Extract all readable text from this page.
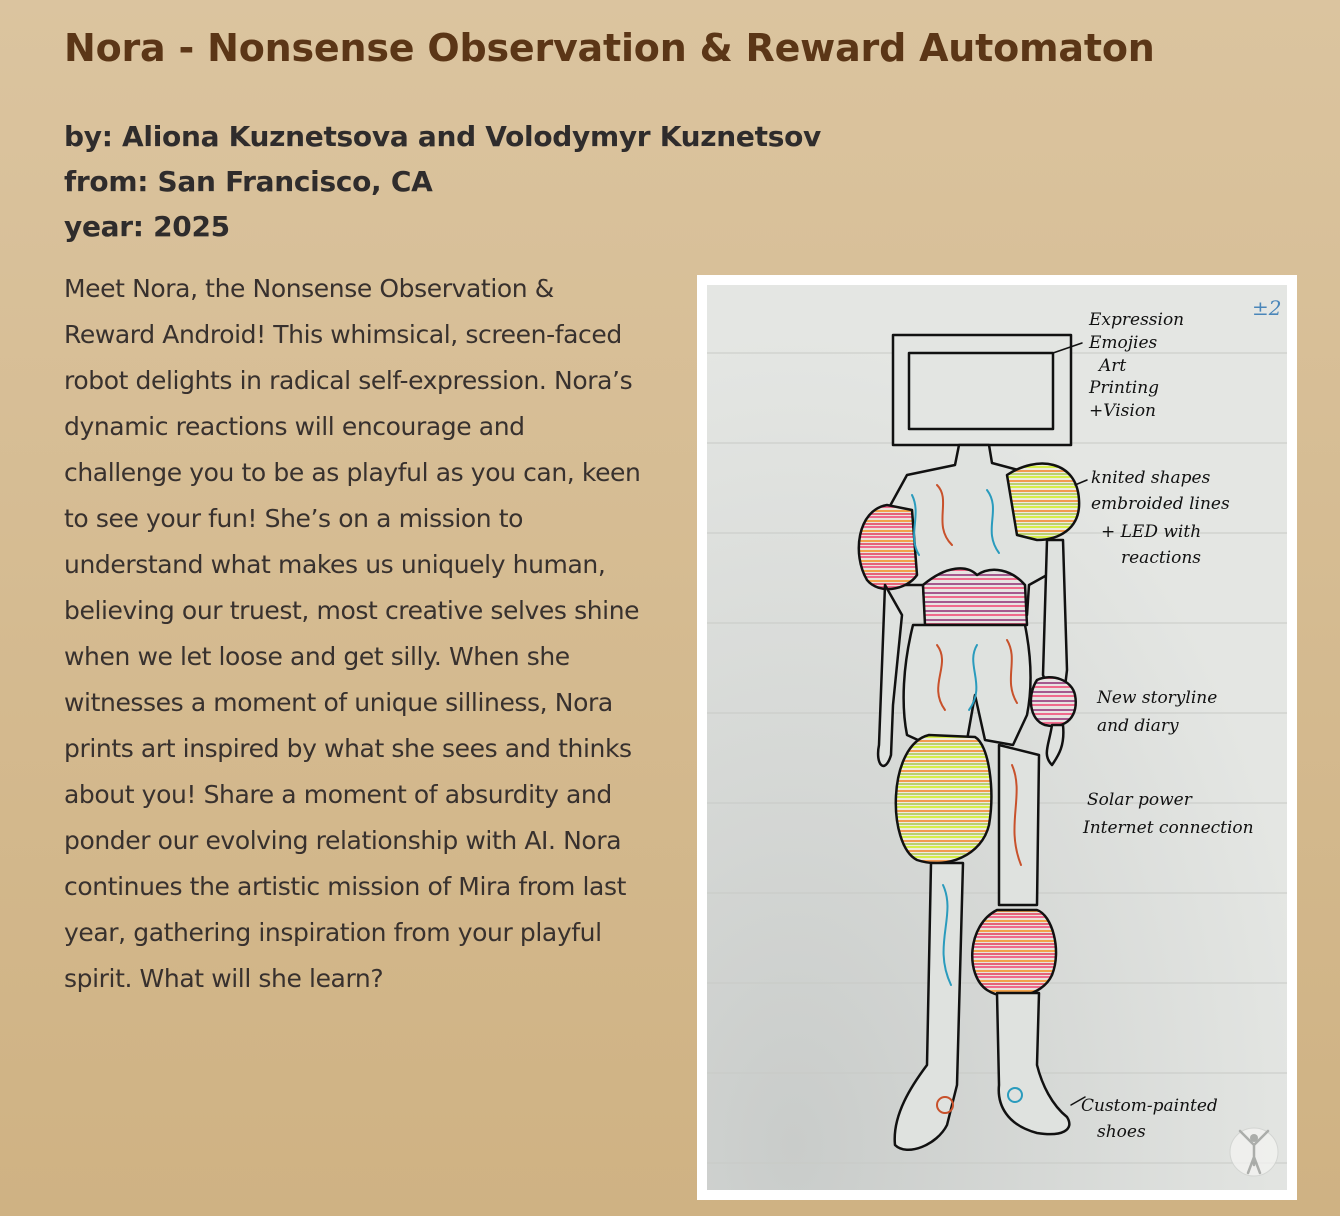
Nora - Nonsense Observation & Reward Automaton
by: Aliona Kuznetsova and Volodymyr Kuznetsov
from: San Francisco, CA
year: 2025

Meet Nora, the Nonsense Observation & Reward Android! This whimsical, screen-faced robot delights in radical self-expression. Nora’s dynamic reactions will encourage and challenge you to be as playful as you can, keen to see your fun! She’s on a mission to understand what makes us uniquely human, believing our truest, most creative selves shine when we let loose and get silly. When she witnesses a moment of unique silliness, Nora prints art inspired by what she sees and thinks about you! Share a moment of absurdity and ponder our evolving relationship with AI. Nora continues the artistic mission of Mira from last year, gathering inspiration from your playful spirit. What will she learn?

±2
Expression
Emojies
Art
Printing
+Vision
knited shapes
embroided lines
+ LED with
reactions
New storyline
and diary
Solar power
Internet connection
Custom-painted
shoes
